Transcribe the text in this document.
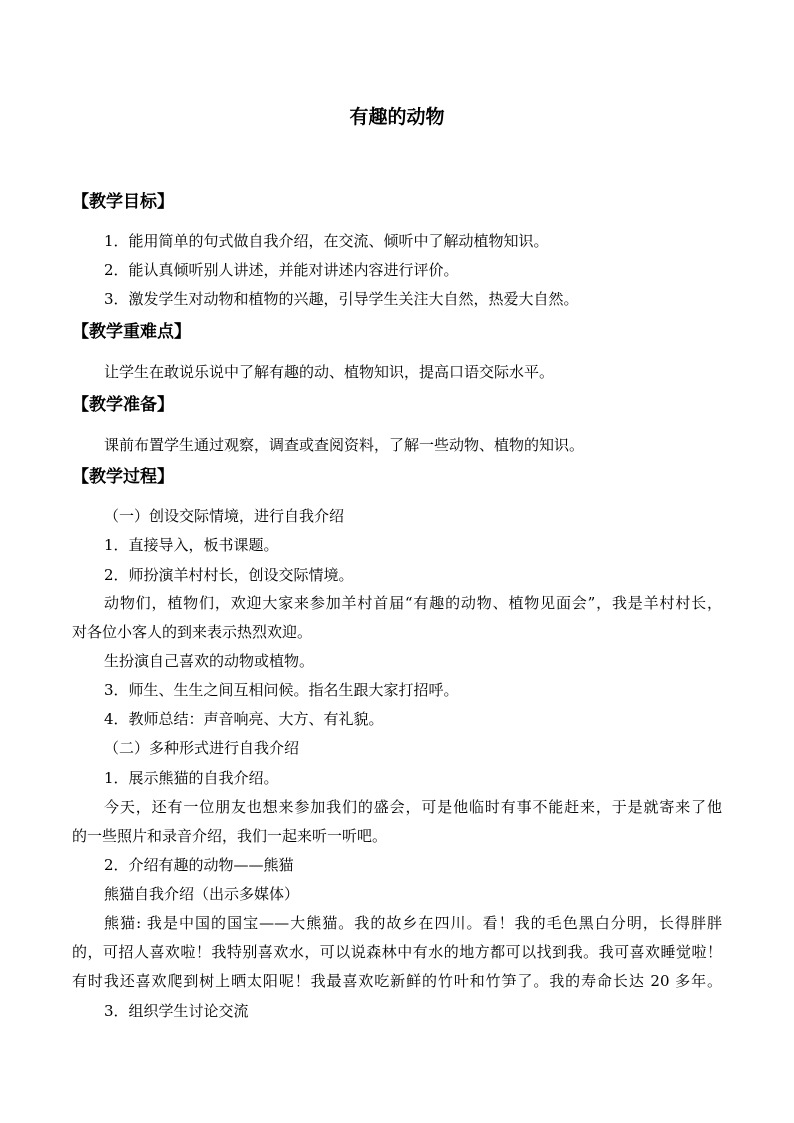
有趣的动物
【教学目标】
1．能用简单的句式做自我介绍，在交流、倾听中了解动植物知识。
2．能认真倾听别人讲述，并能对讲述内容进行评价。
3．激发学生对动物和植物的兴趣，引导学生关注大自然，热爱大自然。
【教学重难点】
让学生在敢说乐说中了解有趣的动、植物知识，提高口语交际水平。
【教学准备】
课前布置学生通过观察，调查或查阅资料，了解一些动物、植物的知识。
【教学过程】
（一）创设交际情境，进行自我介绍
1．直接导入，板书课题。
2．师扮演羊村村长，创设交际情境。
动物们，植物们，欢迎大家来参加羊村首届“有趣的动物、植物见面会”，我是羊村村长，
对各位小客人的到来表示热烈欢迎。
生扮演自己喜欢的动物或植物。
3．师生、生生之间互相问候。指名生跟大家打招呼。
4．教师总结：声音响亮、大方、有礼貌。
（二）多种形式进行自我介绍
1．展示熊猫的自我介绍。
今天，还有一位朋友也想来参加我们的盛会，可是他临时有事不能赶来，于是就寄来了他
的一些照片和录音介绍，我们一起来听一听吧。
2．介绍有趣的动物——熊猫
熊猫自我介绍（出示多媒体）
熊猫: 我是中国的国宝——大熊猫。我的故乡在四川。看！我的毛色黑白分明，长得胖胖
的，可招人喜欢啦！我特别喜欢水，可以说森林中有水的地方都可以找到我。我可喜欢睡觉啦！
有时我还喜欢爬到树上晒太阳呢！我最喜欢吃新鲜的竹叶和竹笋了。我的寿命长达 20 多年。
3．组织学生讨论交流
